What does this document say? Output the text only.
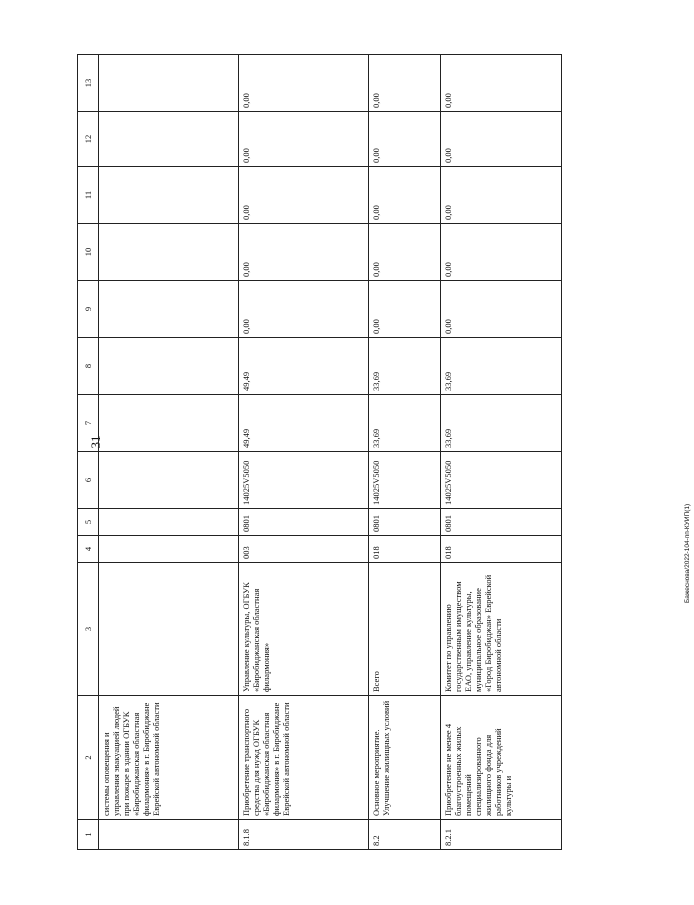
31
1	2	3	4	5	6	7	8	9	10	11	12	13
	системы оповещения и управления эвакуацией людей при пожаре в здании ОГБУК «Биробиджанская областная филармония» в г. Биробиджане Еврейской автономной области											
8.1.8	Приобретение транспортного средства для нужд ОГБУК «Биробиджанская областная филармония» в г. Биробиджане Еврейской автономной области	Управление культуры, ОГБУК «Биробиджанская областная филармония»	003	0801	14025V5050	49,49	49,49	0,00	0,00	0,00	0,00	0,00
8.2	Основное мероприятие. Улучшение жилищных условий	Всего	018	0801	14025V5050	33,69	33,69	0,00	0,00	0,00	0,00	0,00
8.2.1	Приобретение не менее 4 благоустроенных жилых помещений специализированного жилищного фонда для работников учреждений культуры и	Комитет по управлению государственным имуществом ЕАО, управление культуры, муниципальное образование «Город Биробиджан» Еврейской автономной области	018	0801	14025V5050	33,69	33,69	0,00	0,00	0,00	0,00	0,00
Бажеснова/2022-104-пп-КУИП(1)
